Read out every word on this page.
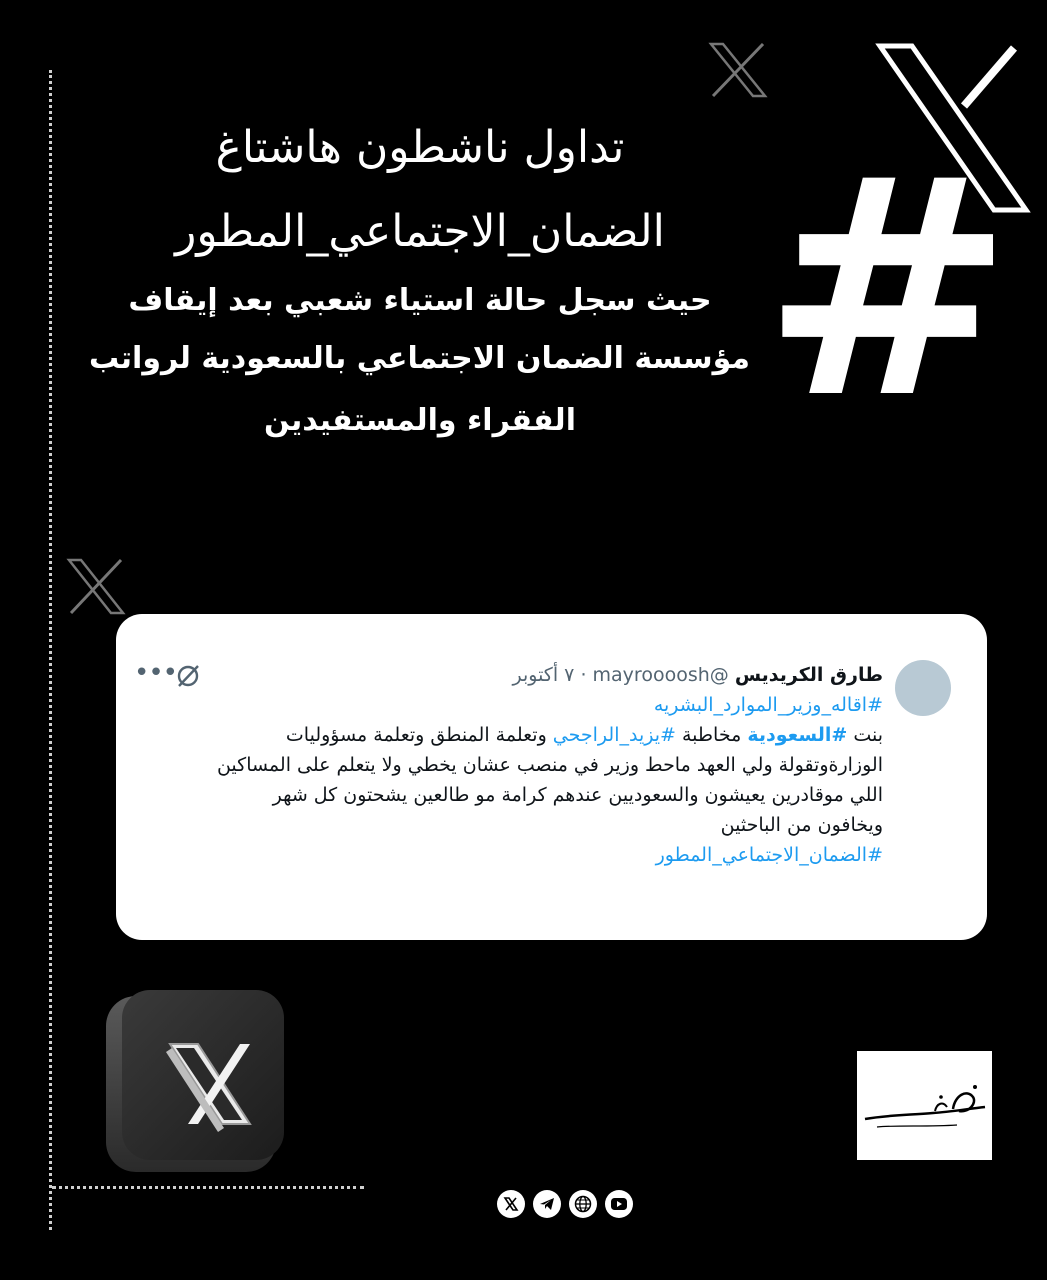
#
تداول ناشطون هاشتاغ
الضمان_الاجتماعي_المطور
حيث سجل حالة استياء شعبي بعد إيقاف
مؤسسة الضمان الاجتماعي بالسعودية لرواتب
الفقراء والمستفيدين
•••	طارق الكريديس @mayroooosh · ٧ أكتوبر
#اقاله_وزير_الموارد_البشريه
بنت #السعودية مخاطبة #يزيد_الراجحي وتعلمة المنطق وتعلمة مسؤوليات
الوزارةوتقولة ولي العهد ماحط وزير في منصب عشان يخطي ولا يتعلم على المساكين
اللي موقادرين يعيشون والسعوديين عندهم كرامة مو طالعين يشحتون كل شهر
ويخافون من الباحثين
#الضمان_الاجتماعي_المطور
